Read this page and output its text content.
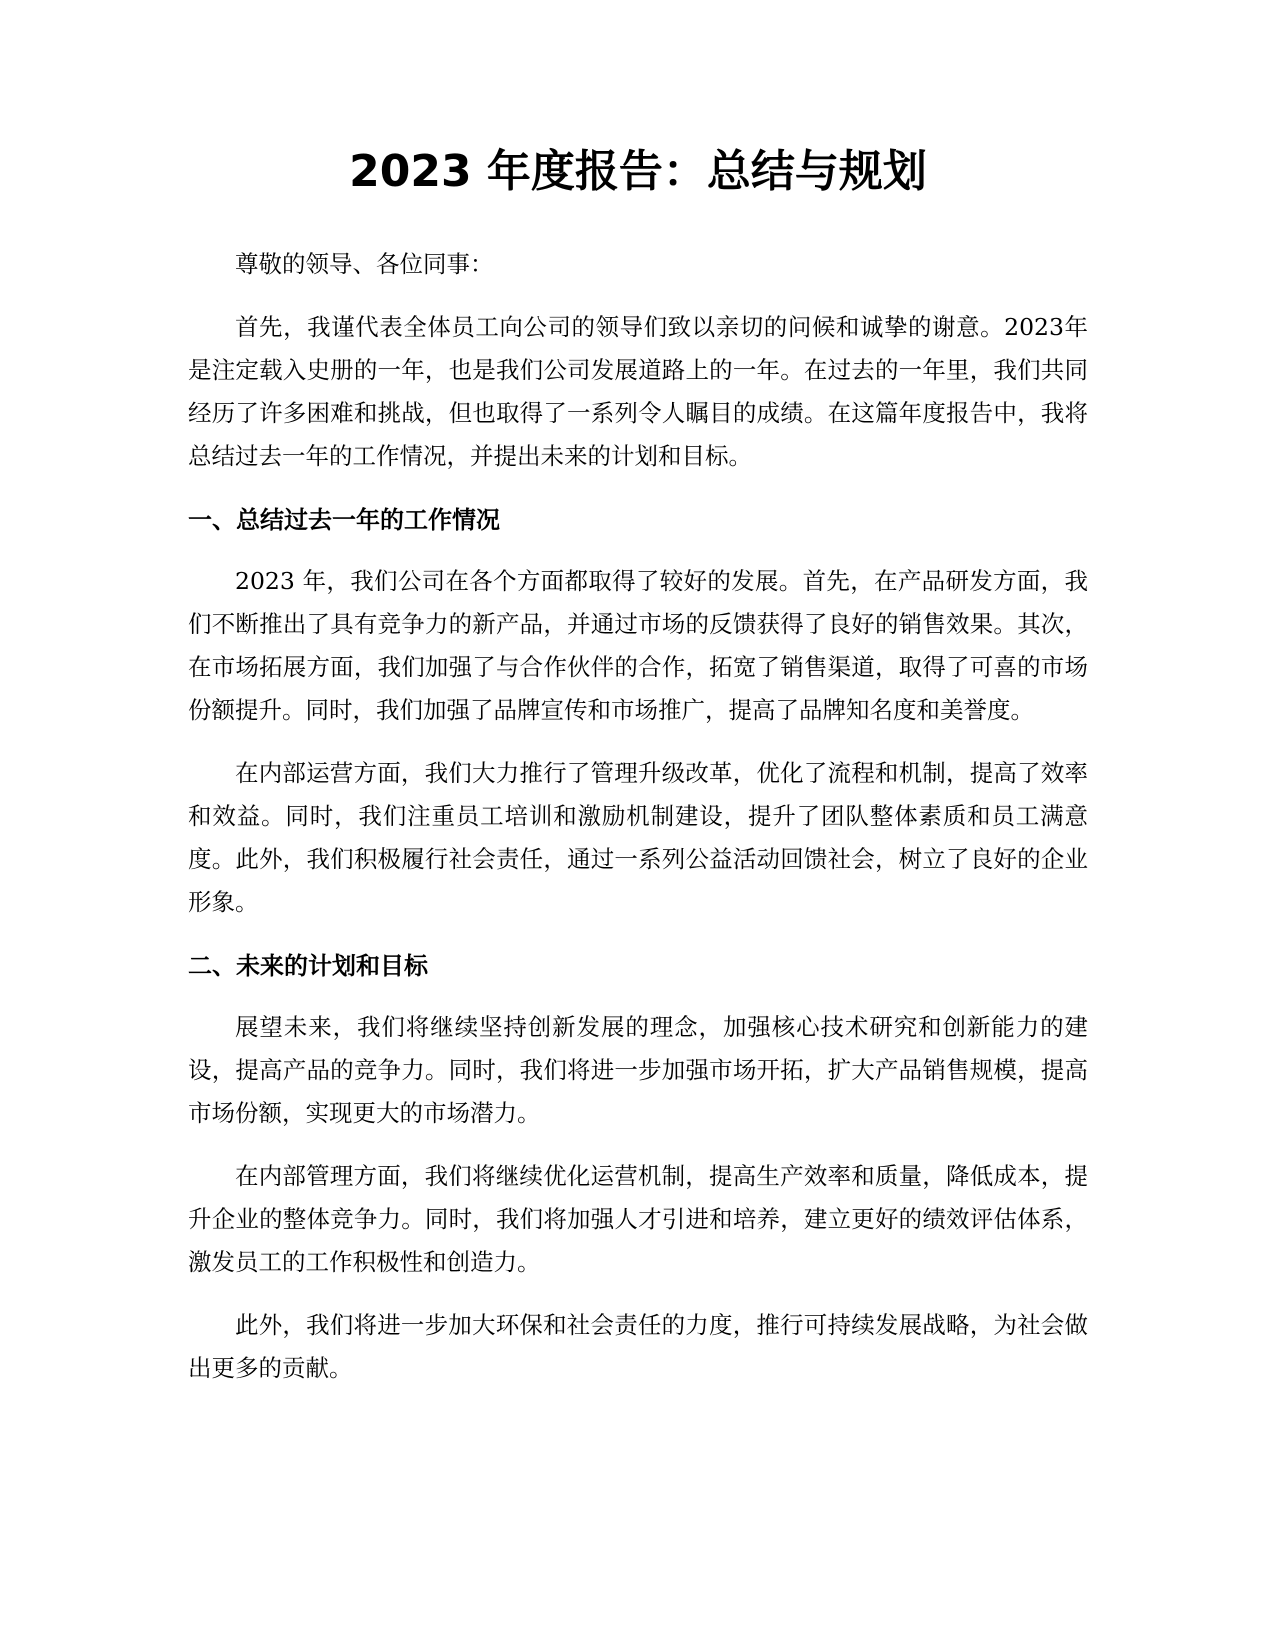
2023 年度报告：总结与规划

尊敬的领导、各位同事：

首先，我谨代表全体员工向公司的领导们致以亲切的问候和诚挚的谢意。2023年是注定载入史册的一年，也是我们公司发展道路上的一年。在过去的一年里，我们共同经历了许多困难和挑战，但也取得了一系列令人瞩目的成绩。在这篇年度报告中，我将总结过去一年的工作情况，并提出未来的计划和目标。

一、总结过去一年的工作情况

2023 年，我们公司在各个方面都取得了较好的发展。首先，在产品研发方面，我们不断推出了具有竞争力的新产品，并通过市场的反馈获得了良好的销售效果。其次，在市场拓展方面，我们加强了与合作伙伴的合作，拓宽了销售渠道，取得了可喜的市场份额提升。同时，我们加强了品牌宣传和市场推广，提高了品牌知名度和美誉度。

在内部运营方面，我们大力推行了管理升级改革，优化了流程和机制，提高了效率和效益。同时，我们注重员工培训和激励机制建设，提升了团队整体素质和员工满意度。此外，我们积极履行社会责任，通过一系列公益活动回馈社会，树立了良好的企业形象。

二、未来的计划和目标

展望未来，我们将继续坚持创新发展的理念，加强核心技术研究和创新能力的建设，提高产品的竞争力。同时，我们将进一步加强市场开拓，扩大产品销售规模，提高市场份额，实现更大的市场潜力。

在内部管理方面，我们将继续优化运营机制，提高生产效率和质量，降低成本，提升企业的整体竞争力。同时，我们将加强人才引进和培养，建立更好的绩效评估体系，激发员工的工作积极性和创造力。

此外，我们将进一步加大环保和社会责任的力度，推行可持续发展战略，为社会做出更多的贡献。
